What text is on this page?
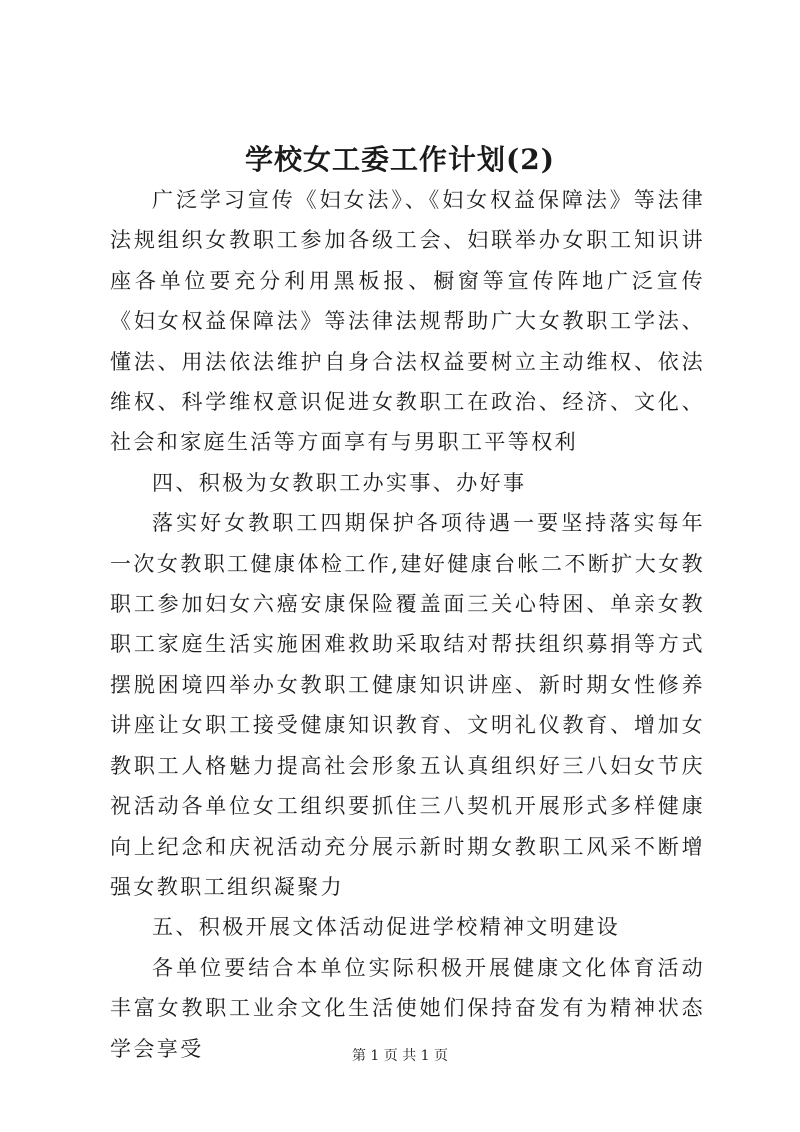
学校女工委工作计划(2)

广泛学习宣传《妇女法》、《妇女权益保障法》等法律法规组织女教职工参加各级工会、妇联举办女职工知识讲座各单位要充分利用黑板报、橱窗等宣传阵地广泛宣传《妇女权益保障法》等法律法规帮助广大女教职工学法、懂法、用法依法维护自身合法权益要树立主动维权、依法维权、科学维权意识促进女教职工在政治、经济、文化、社会和家庭生活等方面享有与男职工平等权利

四、积极为女教职工办实事、办好事

落实好女教职工四期保护各项待遇一要坚持落实每年一次女教职工健康体检工作,建好健康台帐二不断扩大女教职工参加妇女六癌安康保险覆盖面三关心特困、单亲女教职工家庭生活实施困难救助采取结对帮扶组织募捐等方式摆脱困境四举办女教职工健康知识讲座、新时期女性修养讲座让女职工接受健康知识教育、文明礼仪教育、增加女教职工人格魅力提高社会形象五认真组织好三八妇女节庆祝活动各单位女工组织要抓住三八契机开展形式多样健康向上纪念和庆祝活动充分展示新时期女教职工风采不断增强女教职工组织凝聚力

五、积极开展文体活动促进学校精神文明建设

各单位要结合本单位实际积极开展健康文化体育活动丰富女教职工业余文化生活使她们保持奋发有为精神状态学会享受	第 1 页 共 1 页
